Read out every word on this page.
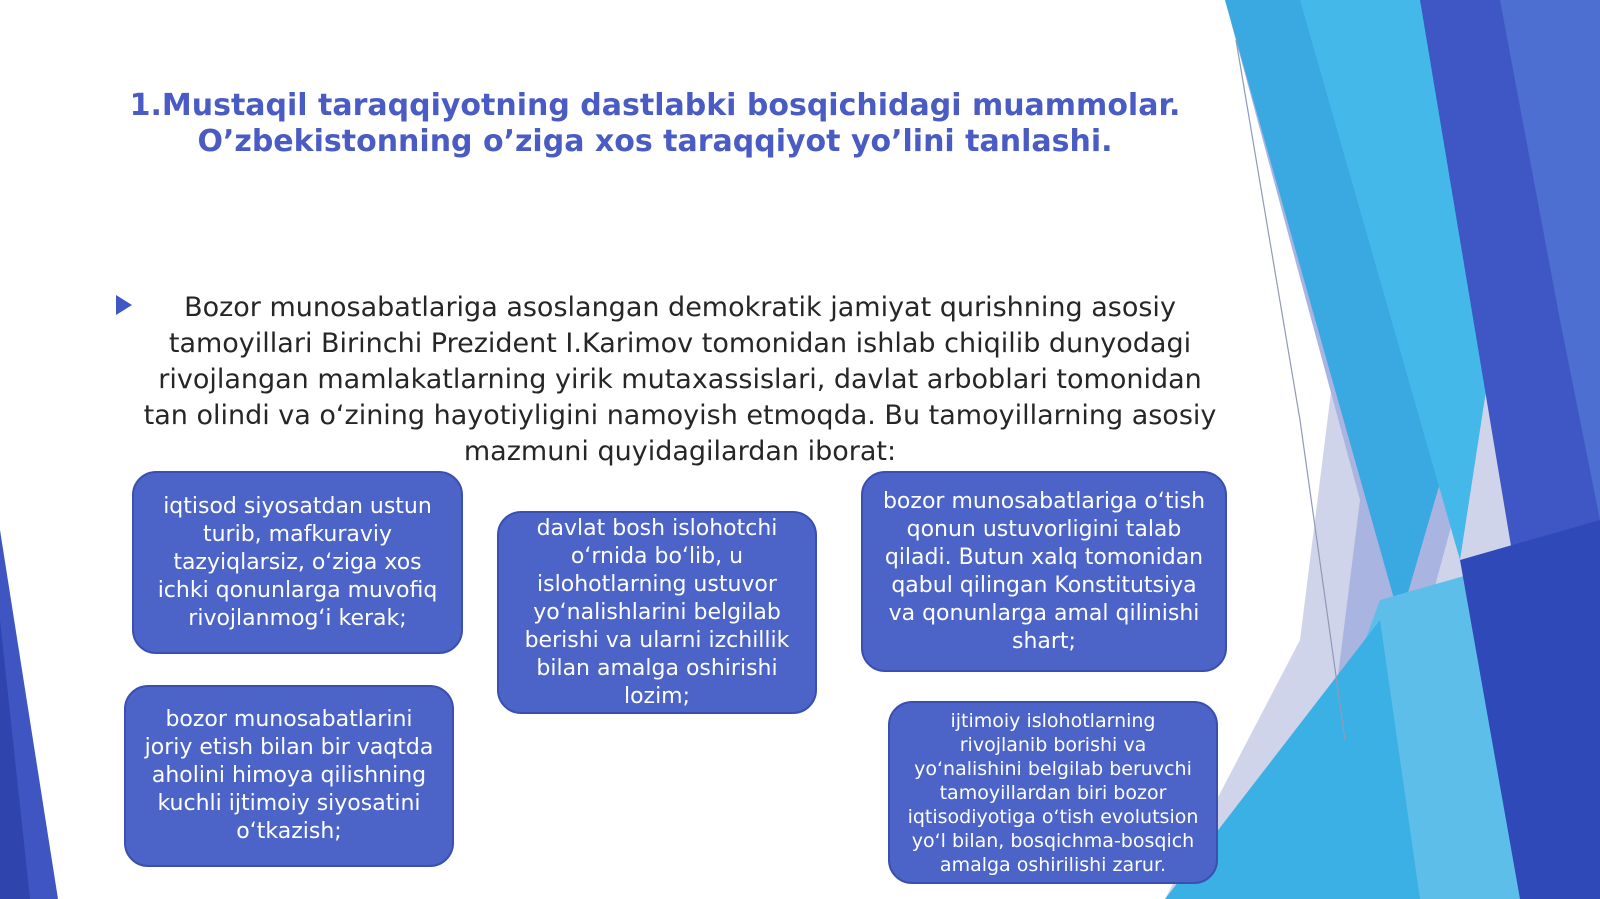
1.Mustaqil taraqqiyotning dastlabki bosqichidagi muammolar.
O’zbekistonning o’ziga xos taraqqiyot yo’lini tanlashi.

Bozor munosabatlariga asoslangan demokratik jamiyat qurishning asosiy tamoyillari Birinchi Prezident I.Karimov tomonidan ishlab chiqilib dunyodagi rivojlangan mamlakatlarning yirik mutaxassislari, davlat arboblari tomonidan tan olindi va o‘zining hayotiyligini namoyish etmoqda. Bu tamoyillarning asosiy mazmuni quyidagilardan iborat:

iqtisod siyosatdan ustun turib, mafkuraviy tazyiqlarsiz, o‘ziga xos ichki qonunlarga muvofiq rivojlanmog‘i kerak;
davlat bosh islohotchi o‘rnida bo‘lib, u islohotlarning ustuvor yo‘nalishlarini belgilab berishi va ularni izchillik bilan amalga oshirishi lozim;
bozor munosabatlariga o‘tish qonun ustuvorligini talab qiladi. Butun xalq tomonidan qabul qilingan Konstitutsiya va qonunlarga amal qilinishi shart;
bozor munosabatlarini joriy etish bilan bir vaqtda aholini himoya qilishning kuchli ijtimoiy siyosatini o‘tkazish;
ijtimoiy islohotlarning rivojlanib borishi va yo‘nalishini belgilab beruvchi tamoyillardan biri bozor iqtisodiyotiga o‘tish evolutsion yo‘l bilan, bosqichma-bosqich amalga oshirilishi zarur.
